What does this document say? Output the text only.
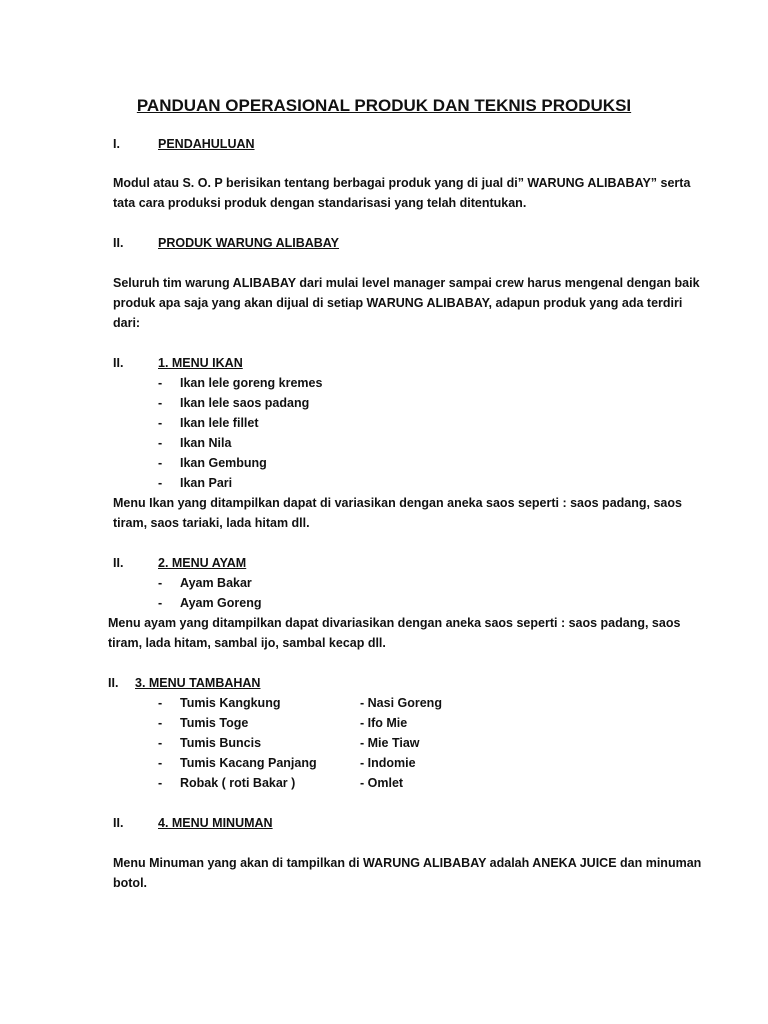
PANDUAN OPERASIONAL PRODUK DAN TEKNIS PRODUKSI
I.	PENDAHULUAN
Modul atau S. O. P berisikan tentang berbagai produk yang di jual di” WARUNG ALIBABAY” serta
tata cara produksi produk dengan standarisasi yang telah ditentukan.
II.	PRODUK WARUNG ALIBABAY
Seluruh tim warung ALIBABAY dari mulai level manager sampai crew harus mengenal dengan baik
produk apa saja yang akan dijual di setiap WARUNG ALIBABAY, adapun produk yang ada terdiri
dari:
II.	1. MENU IKAN
- Ikan lele goreng kremes
- Ikan lele saos padang
- Ikan lele fillet
- Ikan Nila
- Ikan Gembung
- Ikan Pari
Menu Ikan yang ditampilkan dapat di variasikan dengan aneka saos seperti : saos padang, saos
tiram, saos tariaki, lada hitam dll.
II.	2. MENU AYAM
- Ayam Bakar
- Ayam Goreng
Menu ayam yang ditampilkan dapat divariasikan dengan aneka saos seperti : saos padang, saos
tiram, lada hitam, sambal ijo, sambal kecap dll.
II. 3. MENU TAMBAHAN
- Tumis Kangkung	- Nasi Goreng
- Tumis Toge	- Ifo Mie
- Tumis Buncis	- Mie Tiaw
- Tumis Kacang Panjang	- Indomie
- Robak ( roti Bakar )	- Omlet
II.	4. MENU MINUMAN
Menu Minuman yang akan di tampilkan di WARUNG ALIBABAY adalah ANEKA JUICE dan minuman
botol.
